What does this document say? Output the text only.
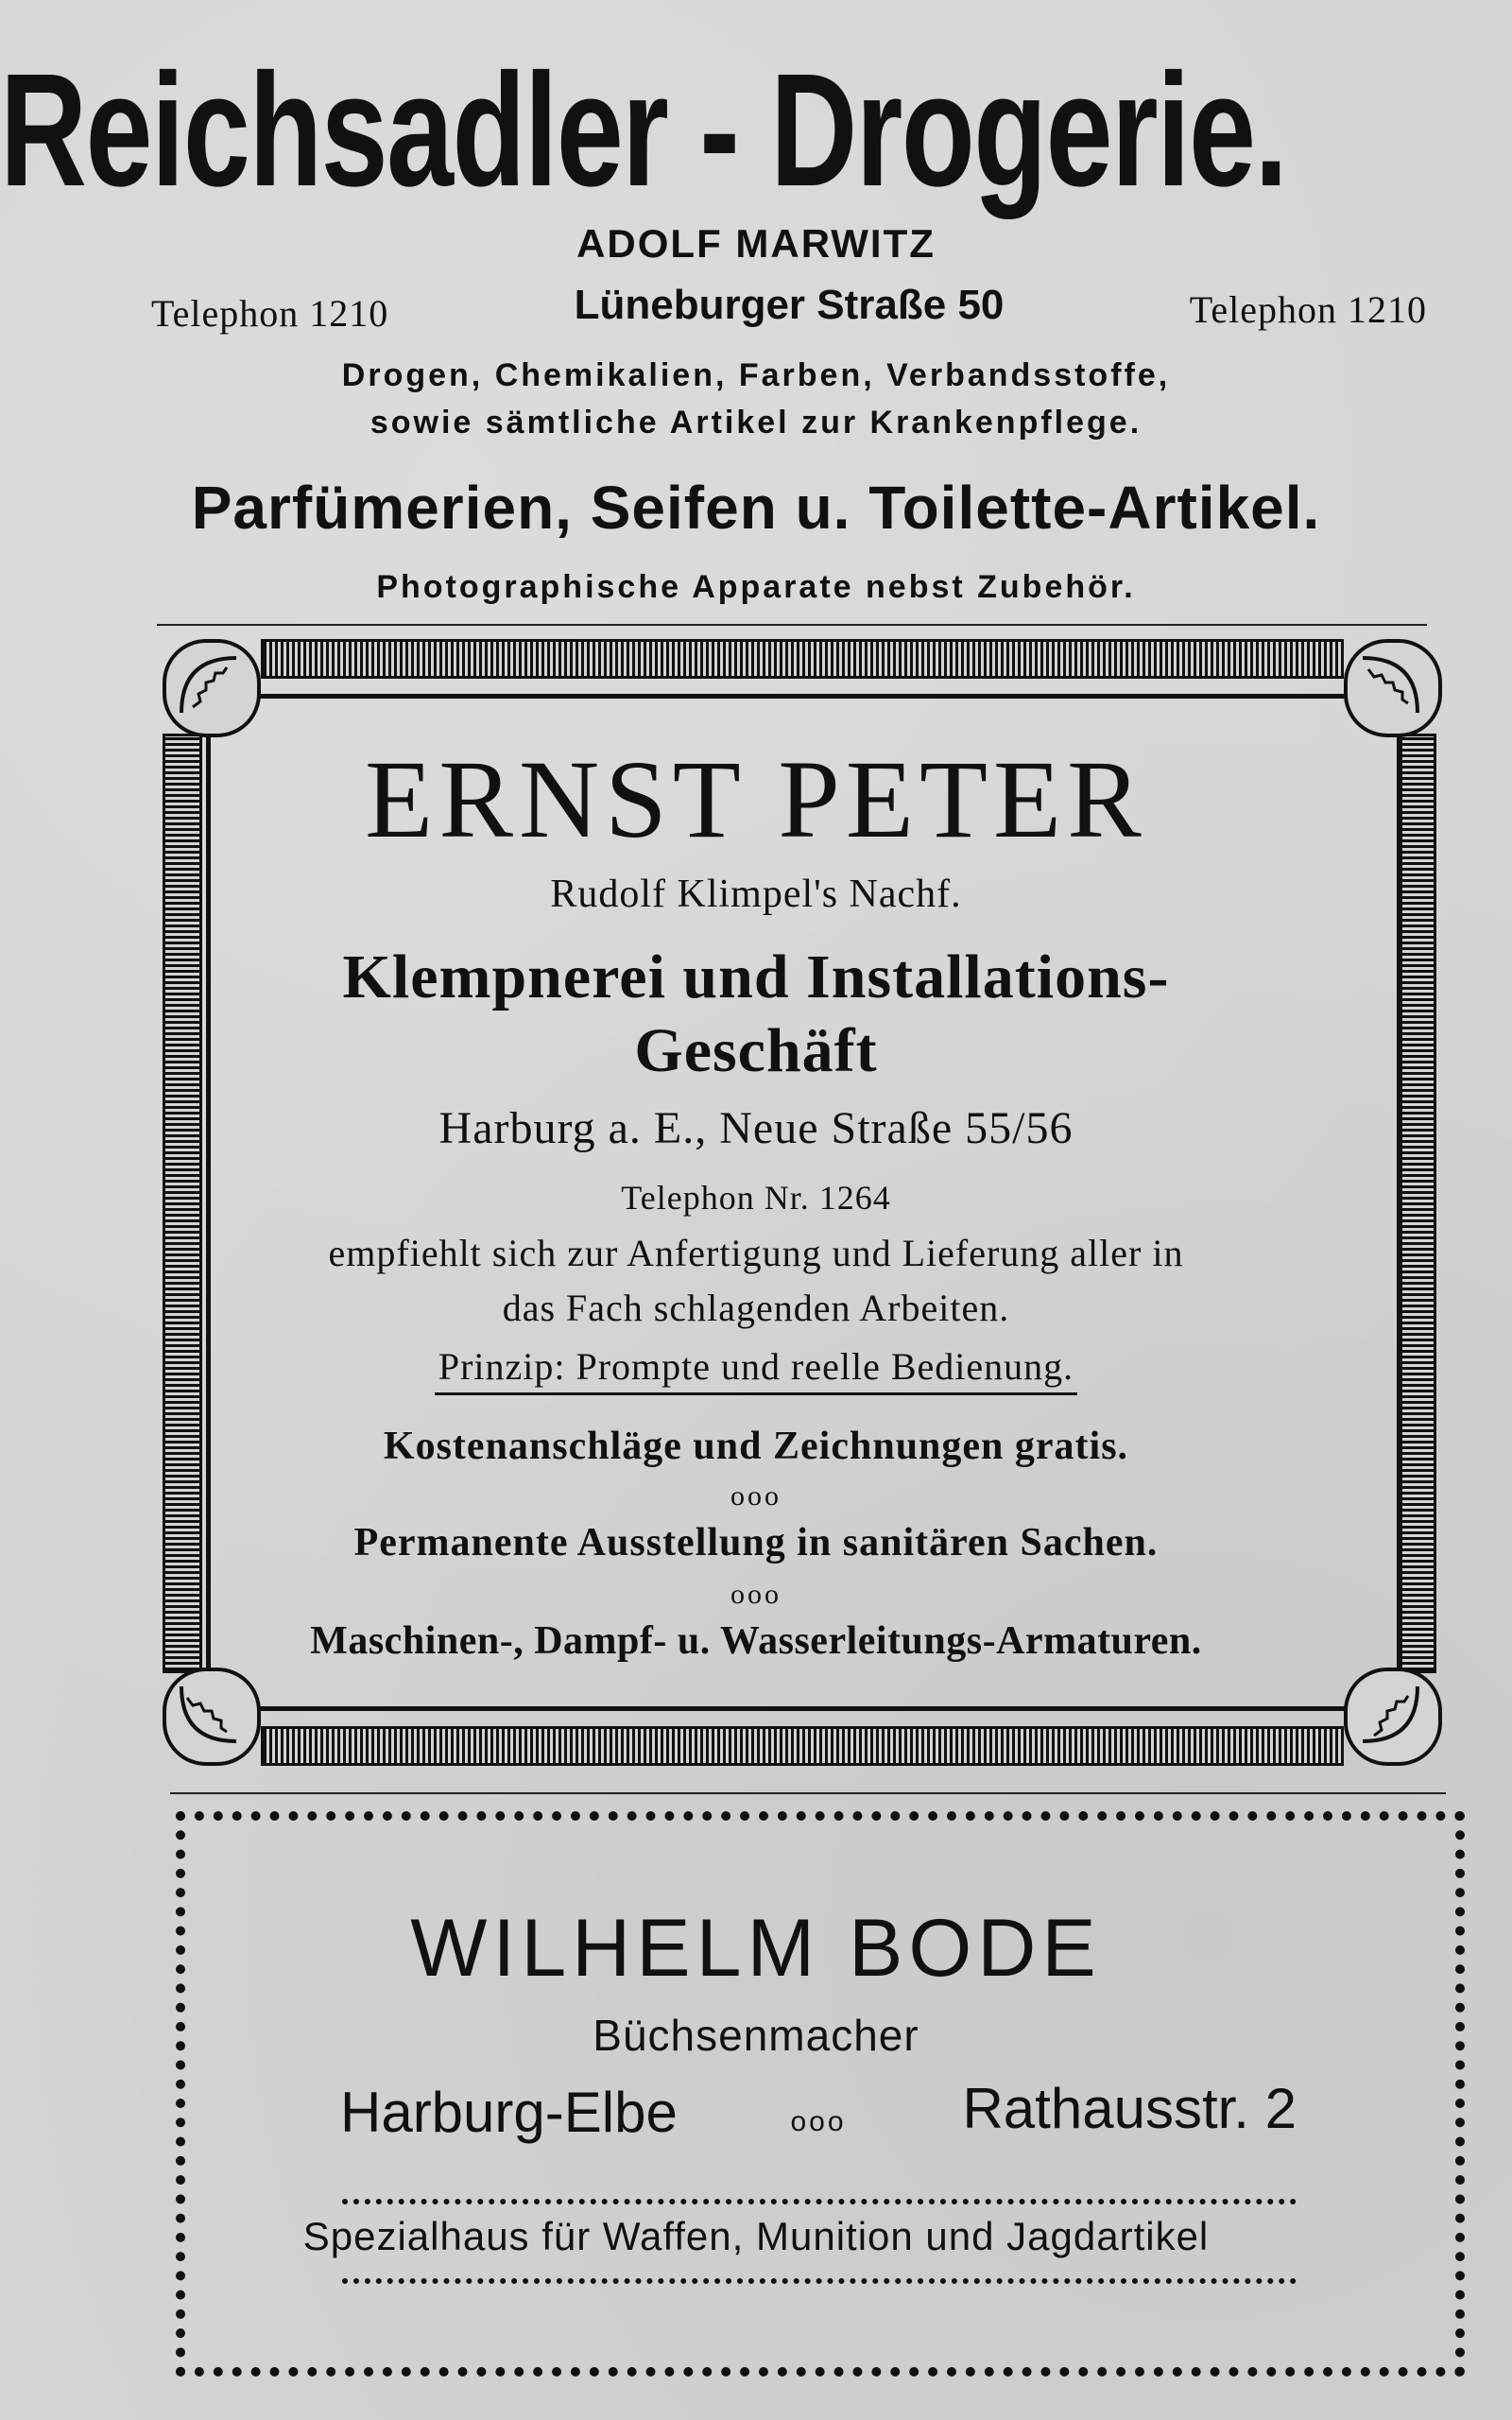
Reichsadler - Drogerie.
ADOLF MARWITZ
Telephon 1210	Lüneburger Straße 50	Telephon 1210
Drogen, Chemikalien, Farben, Verbandsstoffe,
sowie sämtliche Artikel zur Krankenpflege.
Parfümerien, Seifen u. Toilette-Artikel.
Photographische Apparate nebst Zubehör.
ERNST PETER
Rudolf Klimpel's Nachf.
Klempnerei und Installations-
Geschäft
Harburg a. E., Neue Straße 55/56
Telephon Nr. 1264
empfiehlt sich zur Anfertigung und Lieferung aller in
das Fach schlagenden Arbeiten.
Prinzip: Prompte und reelle Bedienung.
Kostenanschläge und Zeichnungen gratis.
ooo
Permanente Ausstellung in sanitären Sachen.
ooo
Maschinen-, Dampf- u. Wasserleitungs-Armaturen.
WILHELM BODE
Büchsenmacher
Harburg-Elbe	ooo	Rathausstr. 2
Spezialhaus für Waffen, Munition und Jagdartikel
